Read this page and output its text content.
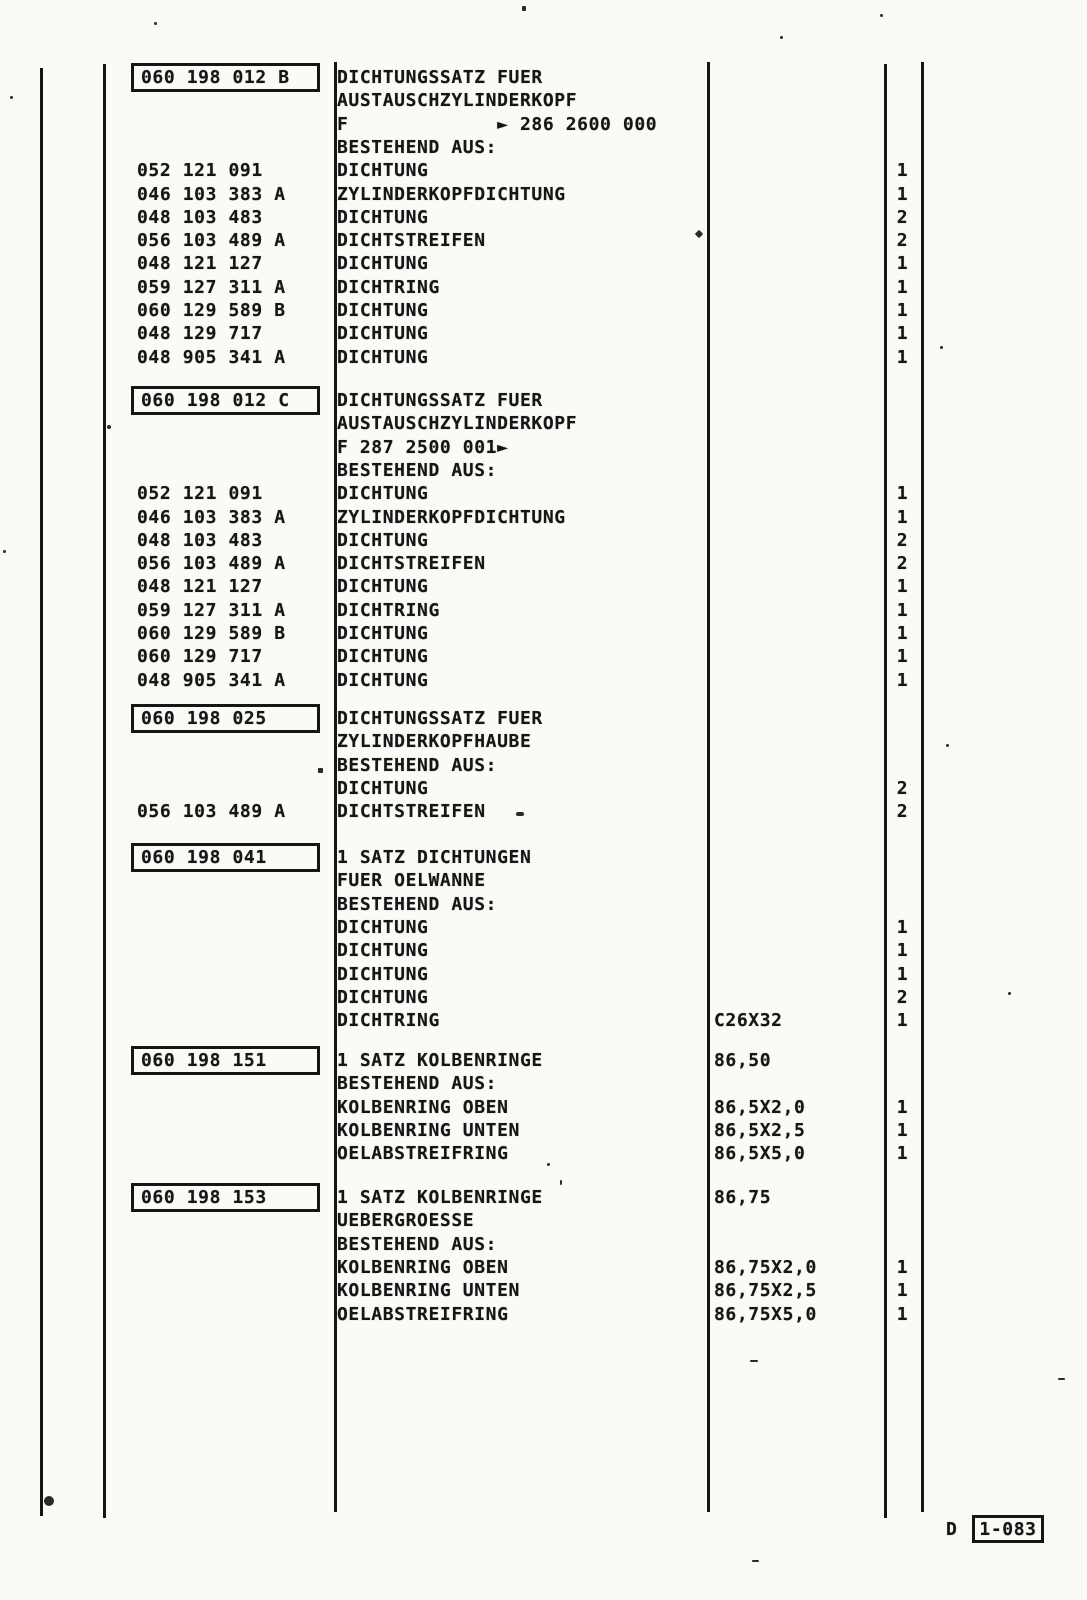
060 198 012 B	DICHTUNGSSATZ FUER
AUSTAUSCHZYLINDERKOPF
F             ► 286 2600 000
BESTEHEND AUS:
052 121 091	DICHTUNG	1
046 103 383 A	ZYLINDERKOPFDICHTUNG	1
048 103 483	DICHTUNG	2
056 103 489 A	DICHTSTREIFEN	2
048 121 127	DICHTUNG	1
059 127 311 A	DICHTRING	1
060 129 589 B	DICHTUNG	1
048 129 717	DICHTUNG	1
048 905 341 A	DICHTUNG	1
060 198 012 C	DICHTUNGSSATZ FUER
AUSTAUSCHZYLINDERKOPF
F 287 2500 001►
BESTEHEND AUS:
052 121 091	DICHTUNG	1
046 103 383 A	ZYLINDERKOPFDICHTUNG	1
048 103 483	DICHTUNG	2
056 103 489 A	DICHTSTREIFEN	2
048 121 127	DICHTUNG	1
059 127 311 A	DICHTRING	1
060 129 589 B	DICHTUNG	1
060 129 717	DICHTUNG	1
048 905 341 A	DICHTUNG	1
060 198 025	DICHTUNGSSATZ FUER
ZYLINDERKOPFHAUBE
BESTEHEND AUS:
DICHTUNG	2
056 103 489 A	DICHTSTREIFEN	2
060 198 041	1 SATZ DICHTUNGEN
FUER OELWANNE
BESTEHEND AUS:
DICHTUNG	1
DICHTUNG	1
DICHTUNG	1
DICHTUNG	2
DICHTRING	C26X32	1
060 198 151	1 SATZ KOLBENRINGE	86,50
BESTEHEND AUS:
KOLBENRING OBEN	86,5X2,0	1
KOLBENRING UNTEN	86,5X2,5	1
OELABSTREIFRING	86,5X5,0	1
060 198 153	1 SATZ KOLBENRINGE	86,75
UEBERGROESSE
BESTEHEND AUS:
KOLBENRING OBEN	86,75X2,0	1
KOLBENRING UNTEN	86,75X2,5	1
OELABSTREIFRING	86,75X5,0	1
D 1-083
